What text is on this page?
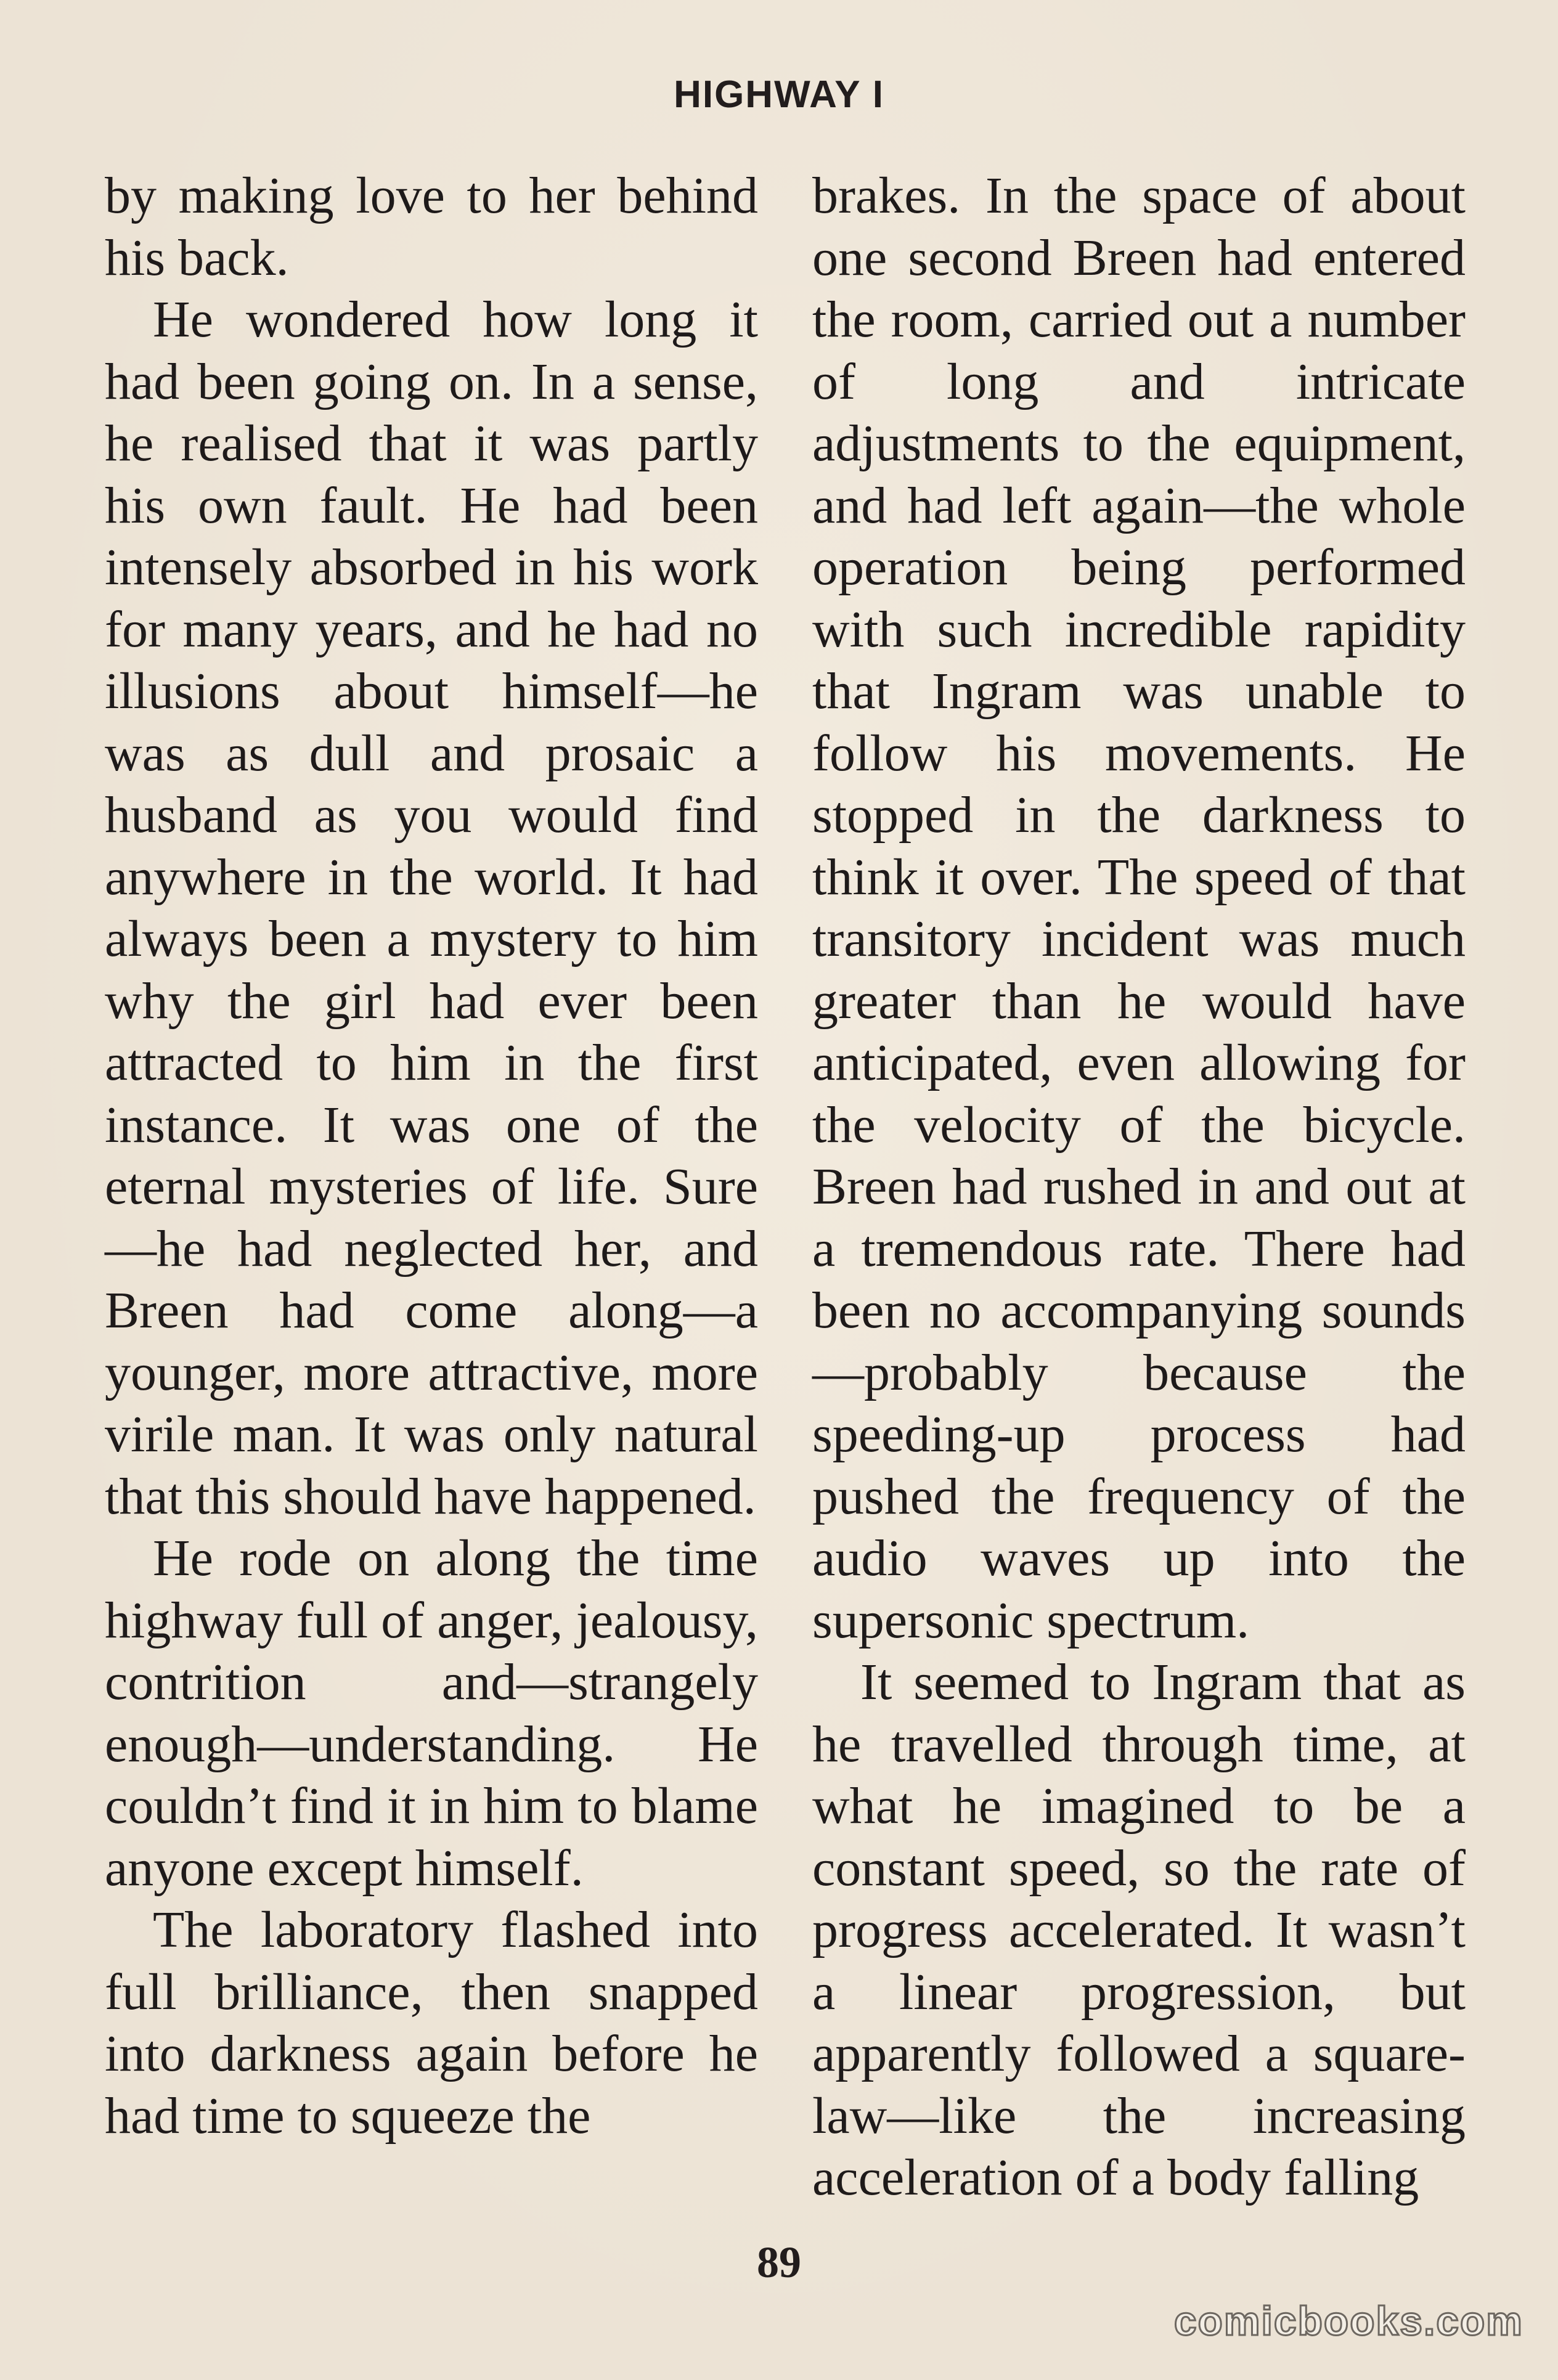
HIGHWAY I

by making love to her behind his back.

He wondered how long it had been going on. In a sense, he realised that it was partly his own fault. He had been intensely absorbed in his work for many years, and he had no illusions about himself—he was as dull and prosaic a husband as you would find anywhere in the world. It had always been a mystery to him why the girl had ever been attracted to him in the first instance. It was one of the eternal mysteries of life. Sure—he had neglected her, and Breen had come along—a younger, more attractive, more virile man. It was only natural that this should have happened.

He rode on along the time highway full of anger, jealousy, contrition and—strangely enough—understanding. He couldn’t find it in him to blame anyone except himself.

The laboratory flashed into full brilliance, then snapped into darkness again before he had time to squeeze the

brakes. In the space of about one second Breen had entered the room, carried out a number of long and intricate adjustments to the equipment, and had left again—the whole operation being performed with such incredible rapidity that Ingram was unable to follow his movements. He stopped in the darkness to think it over. The speed of that transitory incident was much greater than he would have anticipated, even allowing for the velocity of the bicycle. Breen had rushed in and out at a tremendous rate. There had been no accompanying sounds—probably because the speeding-up process had pushed the frequency of the audio waves up into the supersonic spectrum.

It seemed to Ingram that as he travelled through time, at what he imagined to be a constant speed, so the rate of progress accelerated. It wasn’t a linear progression, but apparently followed a square-law—like the increasing acceleration of a body falling

89
comicbooks.com
